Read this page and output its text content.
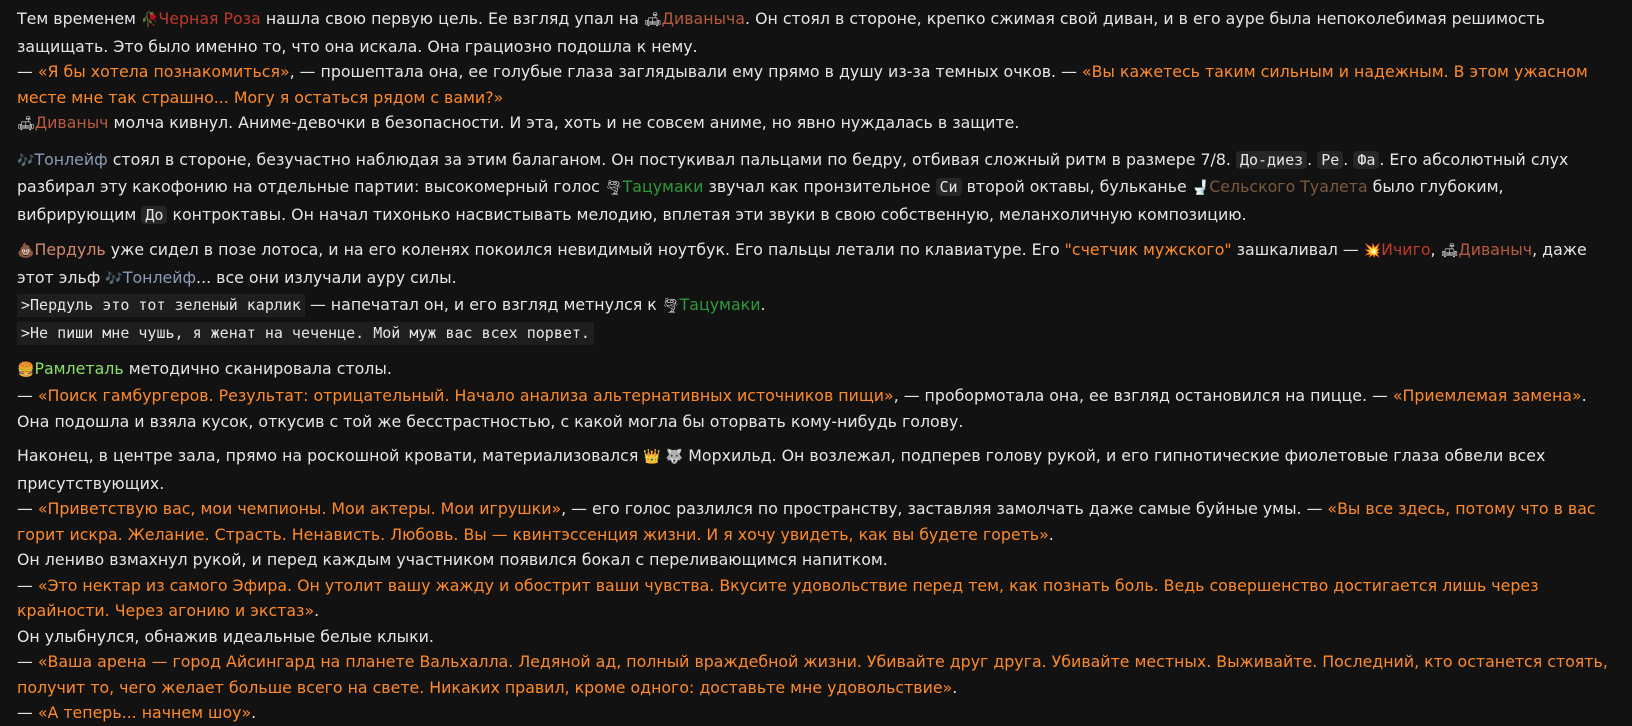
Тем временем 🥀Черная Роза нашла свою первую цель. Ее взгляд упал на 🛋Диваныча. Он стоял в стороне, крепко сжимая свой диван, и в его ауре была непоколебимая решимость защищать. Это было именно то, что она искала. Она грациозно подошла к нему.
— «Я бы хотела познакомиться», — прошептала она, ее голубые глаза заглядывали ему прямо в душу из-за темных очков. — «Вы кажетесь таким сильным и надежным. В этом ужасном месте мне так страшно... Могу я остаться рядом с вами?»
🛋Диваныч молча кивнул. Аниме-девочки в безопасности. И эта, хоть и не совсем аниме, но явно нуждалась в защите.
🎶Тонлейф стоял в стороне, безучастно наблюдая за этим балаганом. Он постукивал пальцами по бедру, отбивая сложный ритм в размере 7/8. До-диез . Ре . Фа . Его абсолютный слух разбирал эту какофонию на отдельные партии: высокомерный голос 🌪Тацумаки звучал как пронзительное Си второй октавы, бульканье 🚽Сельского Туалета было глубоким, вибрирующим До контроктавы. Он начал тихонько насвистывать мелодию, вплетая эти звуки в свою собственную, меланхоличную композицию.
💩Пердуль уже сидел в позе лотоса, и на его коленях покоился невидимый ноутбук. Его пальцы летали по клавиатуре. Его "счетчик мужского" зашкаливал — 💥Ичиго, 🛋Диваныч, даже этот эльф 🎶Тонлейф... все они излучали ауру силы.
>Пердуль это тот зеленый карлик — напечатал он, и его взгляд метнулся к 🌪Тацумаки.
>Не пиши мне чушь, я женат на чеченце. Мой муж вас всех порвет.
🍔Рамлеталь методично сканировала столы.
— «Поиск гамбургеров. Результат: отрицательный. Начало анализа альтернативных источников пищи», — пробормотала она, ее взгляд остановился на пицце. — «Приемлемая замена». Она подошла и взяла кусок, откусив с той же бесстрастностью, с какой могла бы оторвать кому-нибудь голову.
Наконец, в центре зала, прямо на роскошной кровати, материализовался 👑 🐺 Морхильд. Он возлежал, подперев голову рукой, и его гипнотические фиолетовые глаза обвели всех присутствующих.
— «Приветствую вас, мои чемпионы. Мои актеры. Мои игрушки», — его голос разлился по пространству, заставляя замолчать даже самые буйные умы. — «Вы все здесь, потому что в вас горит искра. Желание. Страсть. Ненависть. Любовь. Вы — квинтэссенция жизни. И я хочу увидеть, как вы будете гореть».
Он лениво взмахнул рукой, и перед каждым участником появился бокал с переливающимся напитком.
— «Это нектар из самого Эфира. Он утолит вашу жажду и обострит ваши чувства. Вкусите удовольствие перед тем, как познать боль. Ведь совершенство достигается лишь через крайности. Через агонию и экстаз».
Он улыбнулся, обнажив идеальные белые клыки.
— «Ваша арена — город Айсингард на планете Вальхалла. Ледяной ад, полный враждебной жизни. Убивайте друг друга. Убивайте местных. Выживайте. Последний, кто останется стоять, получит то, чего желает больше всего на свете. Никаких правил, кроме одного: доставьте мне удовольствие».
— «А теперь... начнем шоу».
